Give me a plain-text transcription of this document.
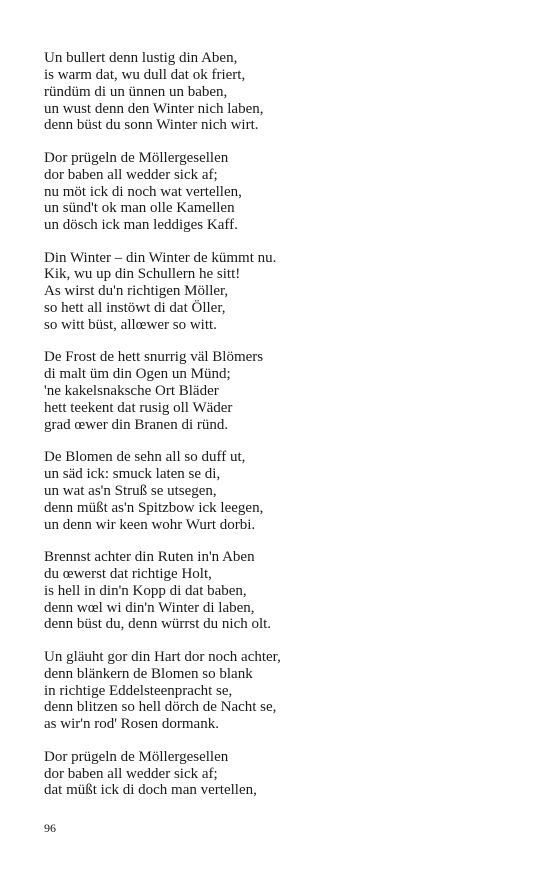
Un bullert denn lustig din Aben,
is warm dat, wu dull dat ok friert,
ründüm di un ünnen un baben,
un wust denn den Winter nich laben,
denn büst du sonn Winter nich wirt.
Dor prügeln de Möllergesellen
dor baben all wedder sick af;
nu möt ick di noch wat vertellen,
un sünd't ok man olle Kamellen
un dösch ick man leddiges Kaff.
Din Winter – din Winter de kümmt nu.
Kik, wu up din Schullern he sitt!
As wirst du'n richtigen Möller,
so hett all instöwt di dat Öller,
so witt büst, allœwer so witt.
De Frost de hett snurrig väl Blömers
di malt üm din Ogen un Münd;
'ne kakelsnaksche Ort Bläder
hett teekent dat rusig oll Wäder
grad œwer din Branen di ründ.
De Blomen de sehn all so duff ut,
un säd ick: smuck laten se di,
un wat as'n Struß se utsegen,
denn müßt as'n Spitzbow ick leegen,
un denn wir keen wohr Wurt dorbi.
Brennst achter din Ruten in'n Aben
du œwerst dat richtige Holt,
is hell in din'n Kopp di dat baben,
denn wœl wi din'n Winter di laben,
denn büst du, denn würrst du nich olt.
Un gläuht gor din Hart dor noch achter,
denn blänkern de Blomen so blank
in richtige Eddelsteenpracht se,
denn blitzen so hell dörch de Nacht se,
as wir'n rod' Rosen dormank.
Dor prügeln de Möllergesellen
dor baben all wedder sick af;
dat müßt ick di doch man vertellen,
96
